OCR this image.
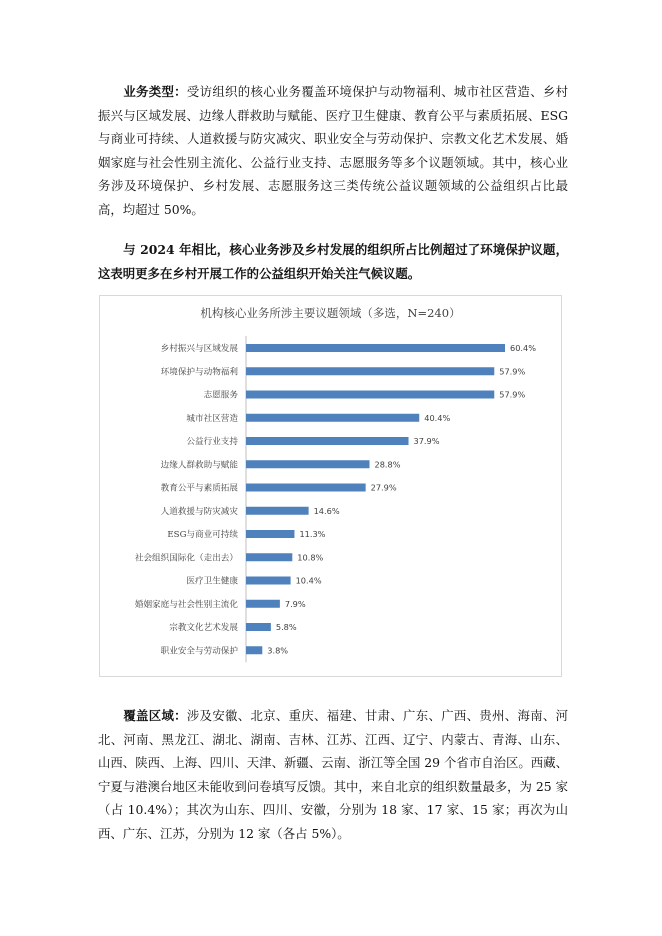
业务类型：受访组织的核心业务覆盖环境保护与动物福利、城市社区营造、乡村振兴与区域发展、边缘人群救助与赋能、医疗卫生健康、教育公平与素质拓展、ESG与商业可持续、人道救援与防灾减灾、职业安全与劳动保护、宗教文化艺术发展、婚姻家庭与社会性别主流化、公益行业支持、志愿服务等多个议题领域。其中，核心业务涉及环境保护、乡村发展、志愿服务这三类传统公益议题领域的公益组织占比最高，均超过 50%。
与 2024 年相比，核心业务涉及乡村发展的组织所占比例超过了环境保护议题，这表明更多在乡村开展工作的公益组织开始关注气候议题。
机构核心业务所涉主要议题领域（多选，N=240）
乡村振兴与区域发展	60.4%
环境保护与动物福利	57.9%
志愿服务	57.9%
城市社区营造	40.4%
公益行业支持	37.9%
边缘人群救助与赋能	28.8%
教育公平与素质拓展	27.9%
人道救援与防灾减灾	14.6%
ESG与商业可持续	11.3%
社会组织国际化（走出去）	10.8%
医疗卫生健康	10.4%
婚姻家庭与社会性别主流化	7.9%
宗教文化艺术发展	5.8%
职业安全与劳动保护	3.8%
覆盖区域：涉及安徽、北京、重庆、福建、甘肃、广东、广西、贵州、海南、河北、河南、黑龙江、湖北、湖南、吉林、江苏、江西、辽宁、内蒙古、青海、山东、山西、陕西、上海、四川、天津、新疆、云南、浙江等全国 29 个省市自治区。西藏、宁夏与港澳台地区未能收到问卷填写反馈。其中，来自北京的组织数量最多，为 25 家（占 10.4%）；其次为山东、四川、安徽，分别为 18 家、17 家、15 家；再次为山西、广东、江苏，分别为 12 家（各占 5%）。
